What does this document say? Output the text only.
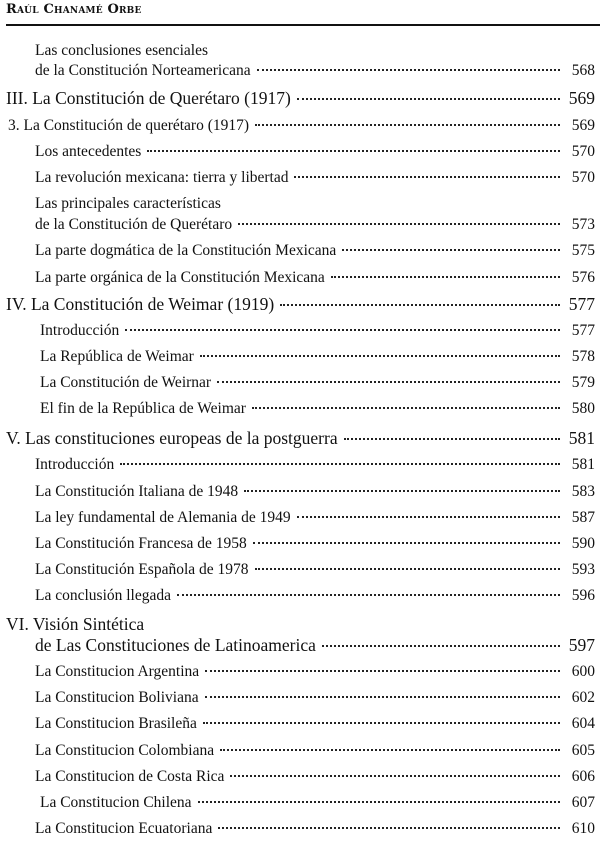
Raúl Chanamé Orbe
Las conclusiones esenciales
de la Constitución Norteamericana	568
III. La Constitución de Querétaro (1917)	569
3. La Constitución de querétaro (1917)	569
Los antecedentes	570
La revolución mexicana: tierra y libertad	570
Las principales características
de la Constitución de Querétaro	573
La parte dogmática de la Constitución Mexicana	575
La parte orgánica de la Constitución Mexicana	576
IV. La Constitución de Weimar (1919)	577
Introducción	577
La República de Weimar	578
La Constitución de Weirnar	579
El fin de la República de Weimar	580
V. Las constituciones europeas de la postguerra	581
Introducción	581
La Constitución Italiana de 1948	583
La ley fundamental de Alemania de 1949	587
La Constitución Francesa de 1958	590
La Constitución Española de 1978	593
La conclusión llegada	596
VI. Visión Sintética
de Las Constituciones de Latinoamerica	597
La Constitucion Argentina	600
La Constitucion Boliviana	602
La Constitucion Brasileña	604
La Constitucion Colombiana	605
La Constitucion de Costa Rica	606
La Constitucion Chilena	607
La Constitucion Ecuatoriana	610
